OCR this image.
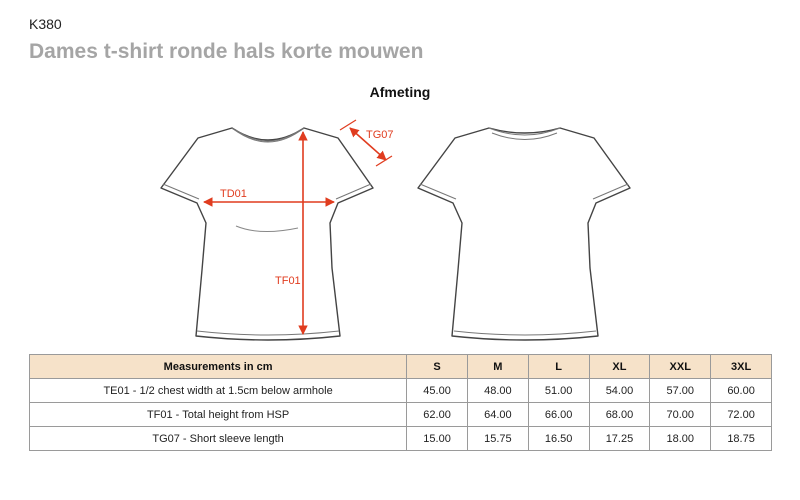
K380
Dames t-shirt ronde hals korte mouwen
Afmeting
TD01
TF01
TG07
Measurements in cm	S	M	L	XL	XXL	3XL
TE01 - 1/2 chest width at 1.5cm below armhole	45.00	48.00	51.00	54.00	57.00	60.00
TF01 - Total height from HSP	62.00	64.00	66.00	68.00	70.00	72.00
TG07 - Short sleeve length	15.00	15.75	16.50	17.25	18.00	18.75
